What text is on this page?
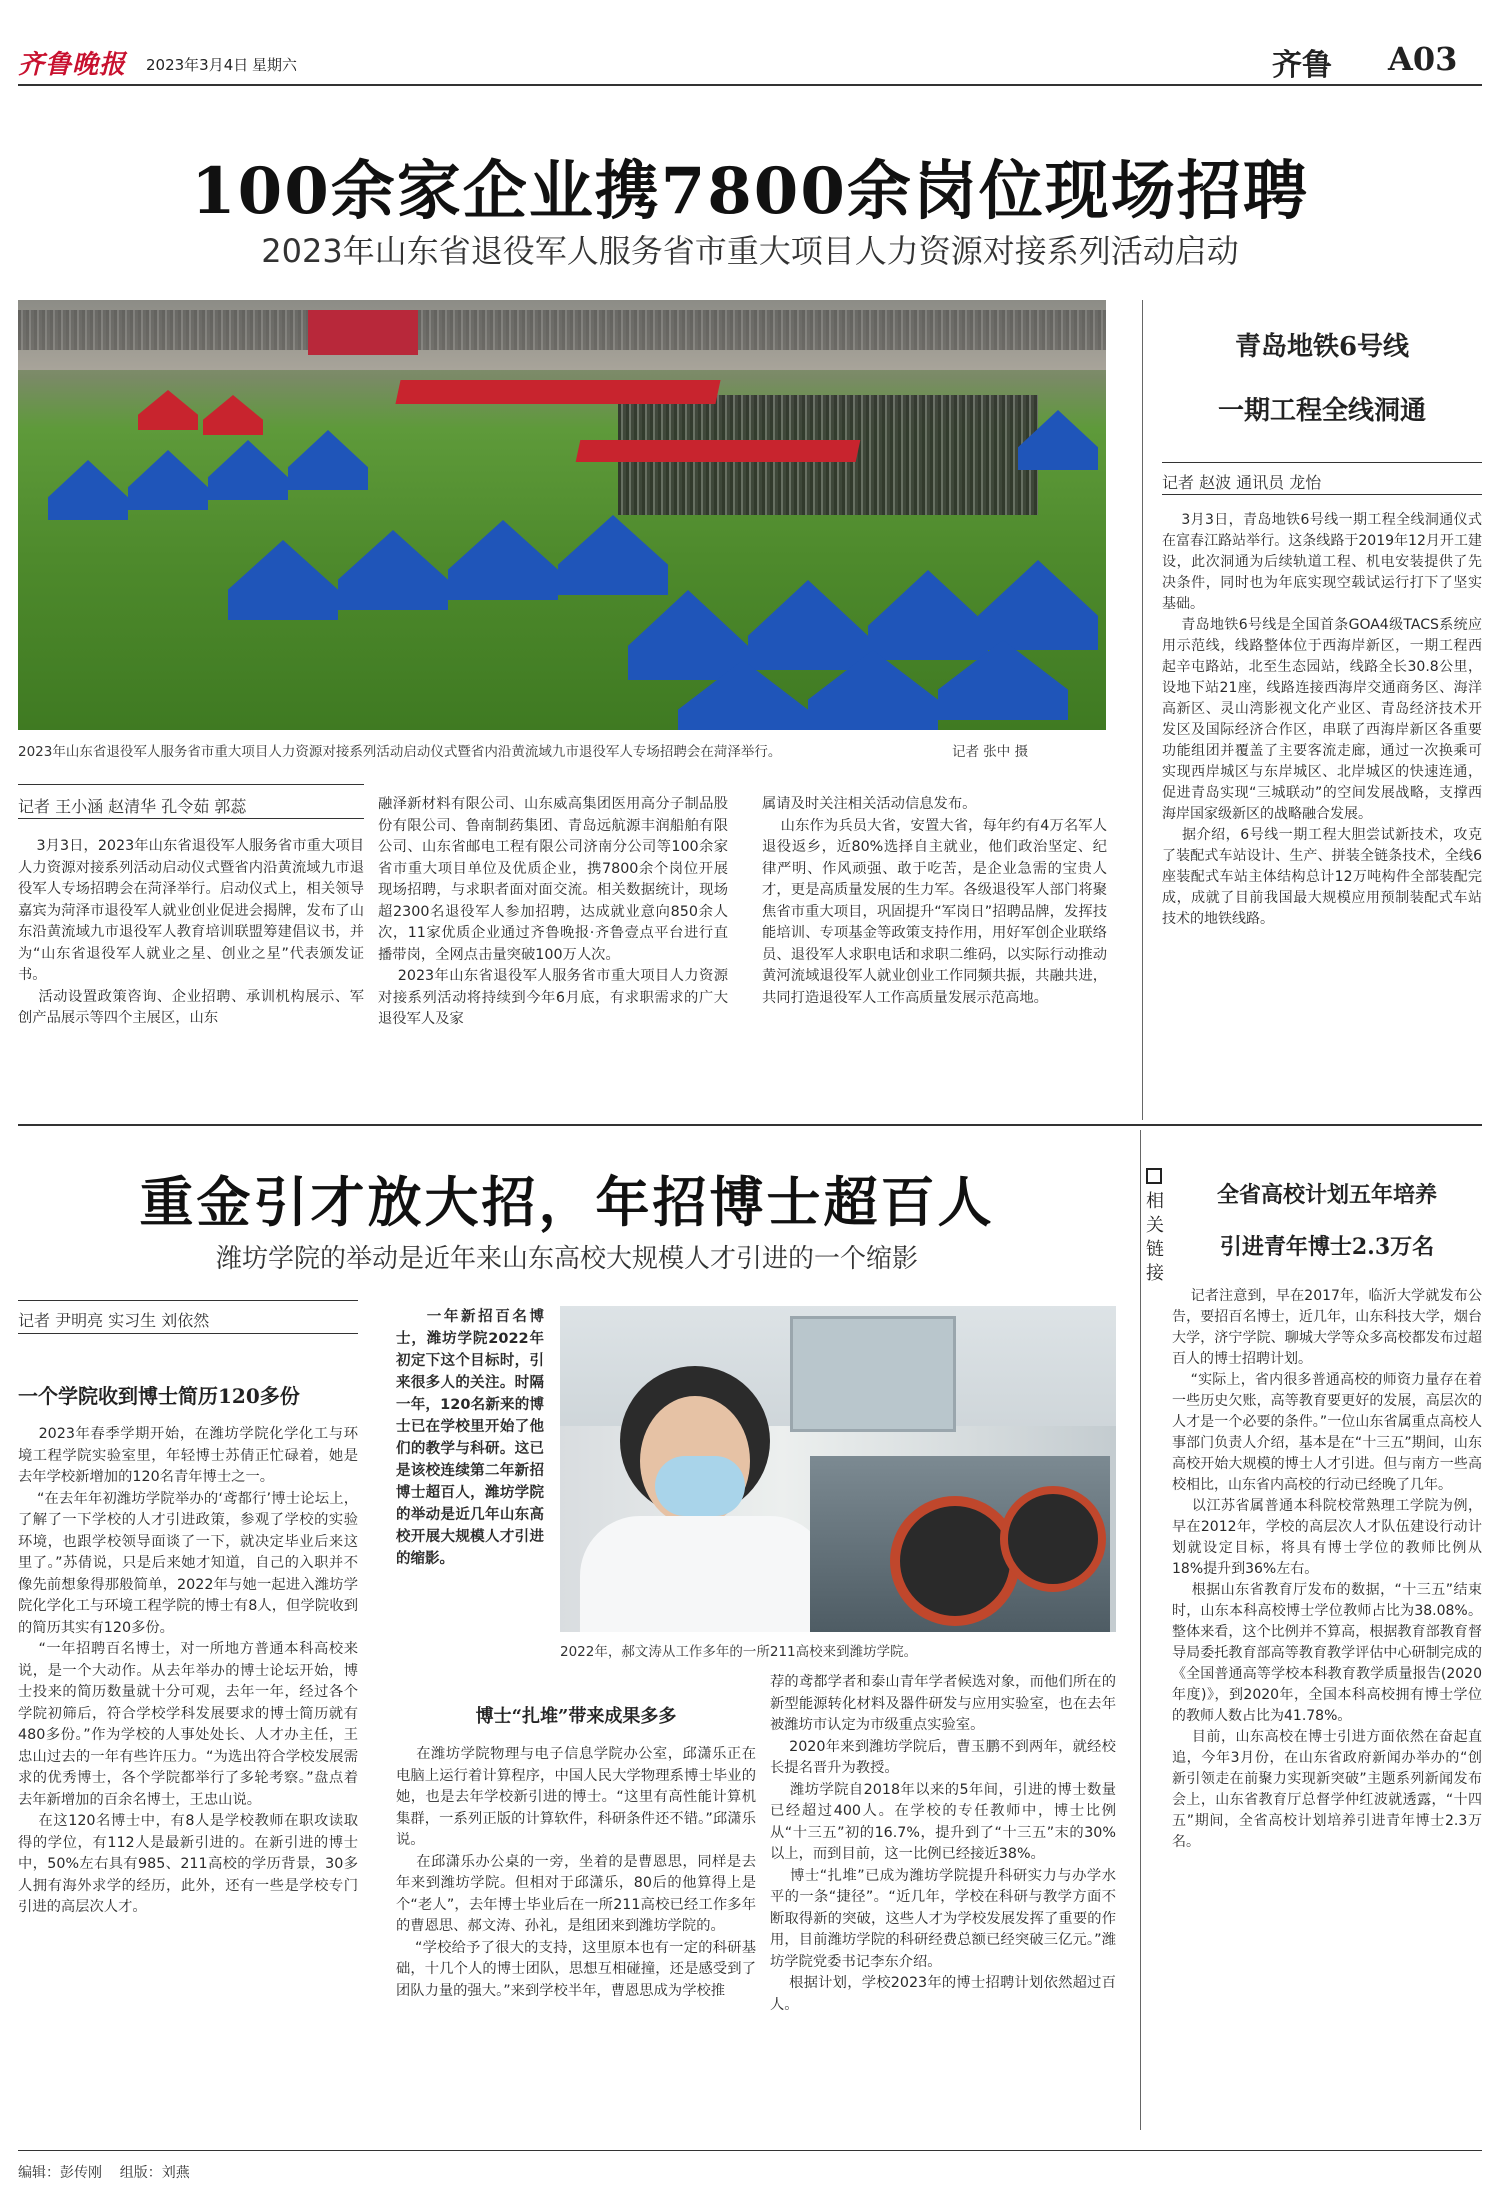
齐鲁晚报 2023年3月4日 星期六	齐鲁 A03
100余家企业携7800余岗位现场招聘
2023年山东省退役军人服务省市重大项目人力资源对接系列活动启动
2023年山东省退役军人服务省市重大项目人力资源对接系列活动启动仪式暨省内沿黄流域九市退役军人专场招聘会在菏泽举行。	记者 张中 摄
记者 王小涵 赵清华 孔令茹 郭蕊
3月3日，2023年山东省退役军人服务省市重大项目人力资源对接系列活动启动仪式暨省内沿黄流域九市退役军人专场招聘会在菏泽举行。启动仪式上，相关领导嘉宾为菏泽市退役军人就业创业促进会揭牌，发布了山东沿黄流域九市退役军人教育培训联盟筹建倡议书，并为“山东省退役军人就业之星、创业之星”代表颁发证书。
活动设置政策咨询、企业招聘、承训机构展示、军创产品展示等四个主展区，山东
融泽新材料有限公司、山东威高集团医用高分子制品股份有限公司、鲁南制药集团、青岛远航源丰润船舶有限公司、山东省邮电工程有限公司济南分公司等100余家省市重大项目单位及优质企业，携7800余个岗位开展现场招聘，与求职者面对面交流。相关数据统计，现场超2300名退役军人参加招聘，达成就业意向850余人次，11家优质企业通过齐鲁晚报·齐鲁壹点平台进行直播带岗，全网点击量突破100万人次。
2023年山东省退役军人服务省市重大项目人力资源对接系列活动将持续到今年6月底，有求职需求的广大退役军人及家
属请及时关注相关活动信息发布。
山东作为兵员大省，安置大省，每年约有4万名军人退役返乡，近80%选择自主就业，他们政治坚定、纪律严明、作风顽强、敢于吃苦，是企业急需的宝贵人才，更是高质量发展的生力军。各级退役军人部门将聚焦省市重大项目，巩固提升“军岗日”招聘品牌，发挥技能培训、专项基金等政策支持作用，用好军创企业联络员、退役军人求职电话和求职二维码，以实际行动推动黄河流域退役军人就业创业工作同频共振，共融共进，共同打造退役军人工作高质量发展示范高地。
青岛地铁6号线
一期工程全线洞通
记者 赵波 通讯员 龙怡
3月3日，青岛地铁6号线一期工程全线洞通仪式在富春江路站举行。这条线路于2019年12月开工建设，此次洞通为后续轨道工程、机电安装提供了先决条件，同时也为年底实现空载试运行打下了坚实基础。
青岛地铁6号线是全国首条GOA4级TACS系统应用示范线，线路整体位于西海岸新区，一期工程西起辛屯路站，北至生态园站，线路全长30.8公里，设地下站21座，线路连接西海岸交通商务区、海洋高新区、灵山湾影视文化产业区、青岛经济技术开发区及国际经济合作区，串联了西海岸新区各重要功能组团并覆盖了主要客流走廊，通过一次换乘可实现西岸城区与东岸城区、北岸城区的快速连通，促进青岛实现“三城联动”的空间发展战略，支撑西海岸国家级新区的战略融合发展。
据介绍，6号线一期工程大胆尝试新技术，攻克了装配式车站设计、生产、拼装全链条技术，全线6座装配式车站主体结构总计12万吨构件全部装配完成，成就了目前我国最大规模应用预制装配式车站技术的地铁线路。
重金引才放大招，年招博士超百人
潍坊学院的举动是近年来山东高校大规模人才引进的一个缩影
记者 尹明亮 实习生 刘依然
一个学院收到博士简历120多份
2023年春季学期开始，在潍坊学院化学化工与环境工程学院实验室里，年轻博士苏倩正忙碌着，她是去年学校新增加的120名青年博士之一。
“在去年年初潍坊学院举办的‘鸢都行’博士论坛上，了解了一下学校的人才引进政策，参观了学校的实验环境，也跟学校领导面谈了一下，就决定毕业后来这里了。”苏倩说，只是后来她才知道，自己的入职并不像先前想象得那般简单，2022年与她一起进入潍坊学院化学化工与环境工程学院的博士有8人，但学院收到的简历其实有120多份。
“一年招聘百名博士，对一所地方普通本科高校来说，是一个大动作。从去年举办的博士论坛开始，博士投来的简历数量就十分可观，去年一年，经过各个学院初筛后，符合学校学科发展要求的博士简历就有480多份。”作为学校的人事处处长、人才办主任，王忠山过去的一年有些许压力。“为选出符合学校发展需求的优秀博士，各个学院都举行了多轮考察。”盘点着去年新增加的百余名博士，王忠山说。
在这120名博士中，有8人是学校教师在职攻读取得的学位，有112人是最新引进的。在新引进的博士中，50%左右具有985、211高校的学历背景，30多人拥有海外求学的经历，此外，还有一些是学校专门引进的高层次人才。
一年新招百名博士，潍坊学院2022年初定下这个目标时，引来很多人的关注。时隔一年，120名新来的博士已在学校里开始了他们的教学与科研。这已是该校连续第二年新招博士超百人，潍坊学院的举动是近几年山东高校开展大规模人才引进的缩影。
2022年，郝文涛从工作多年的一所211高校来到潍坊学院。
博士“扎堆”带来成果多多
在潍坊学院物理与电子信息学院办公室，邱潇乐正在电脑上运行着计算程序，中国人民大学物理系博士毕业的她，也是去年学校新引进的博士。“这里有高性能计算机集群，一系列正版的计算软件，科研条件还不错。”邱潇乐说。
在邱潇乐办公桌的一旁，坐着的是曹恩思，同样是去年来到潍坊学院。但相对于邱潇乐，80后的他算得上是个“老人”，去年博士毕业后在一所211高校已经工作多年的曹恩思、郝文涛、孙礼，是组团来到潍坊学院的。
“学校给予了很大的支持，这里原本也有一定的科研基础，十几个人的博士团队，思想互相碰撞，还是感受到了团队力量的强大。”来到学校半年，曹恩思成为学校推
荐的鸢都学者和泰山青年学者候选对象，而他们所在的新型能源转化材料及器件研发与应用实验室，也在去年被潍坊市认定为市级重点实验室。
2020年来到潍坊学院后，曹玉鹏不到两年，就经校长提名晋升为教授。
潍坊学院自2018年以来的5年间，引进的博士数量已经超过400人。在学校的专任教师中，博士比例从“十三五”初的16.7%，提升到了“十三五”末的30%以上，而到目前，这一比例已经接近38%。
博士“扎堆”已成为潍坊学院提升科研实力与办学水平的一条“捷径”。“近几年，学校在科研与教学方面不断取得新的突破，这些人才为学校发展发挥了重要的作用，目前潍坊学院的科研经费总额已经突破三亿元。”潍坊学院党委书记李东介绍。
根据计划，学校2023年的博士招聘计划依然超过百人。
相关链接
全省高校计划五年培养
引进青年博士2.3万名
记者注意到，早在2017年，临沂大学就发布公告，要招百名博士，近几年，山东科技大学，烟台大学，济宁学院、聊城大学等众多高校都发布过超百人的博士招聘计划。
“实际上，省内很多普通高校的师资力量存在着一些历史欠账，高等教育要更好的发展，高层次的人才是一个必要的条件。”一位山东省属重点高校人事部门负责人介绍，基本是在“十三五”期间，山东高校开始大规模的博士人才引进。但与南方一些高校相比，山东省内高校的行动已经晚了几年。
以江苏省属普通本科院校常熟理工学院为例，早在2012年，学校的高层次人才队伍建设行动计划就设定目标，将具有博士学位的教师比例从18%提升到36%左右。
根据山东省教育厅发布的数据，“十三五”结束时，山东本科高校博士学位教师占比为38.08%。整体来看，这个比例并不算高，根据教育部教育督导局委托教育部高等教育教学评估中心研制完成的《全国普通高等学校本科教育教学质量报告(2020年度)》，到2020年，全国本科高校拥有博士学位的教师人数占比为41.78%。
目前，山东高校在博士引进方面依然在奋起直追，今年3月份，在山东省政府新闻办举办的“创新引领走在前聚力实现新突破”主题系列新闻发布会上，山东省教育厅总督学仲红波就透露，“十四五”期间，全省高校计划培养引进青年博士2.3万名。
编辑：彭传刚    组版：刘燕
